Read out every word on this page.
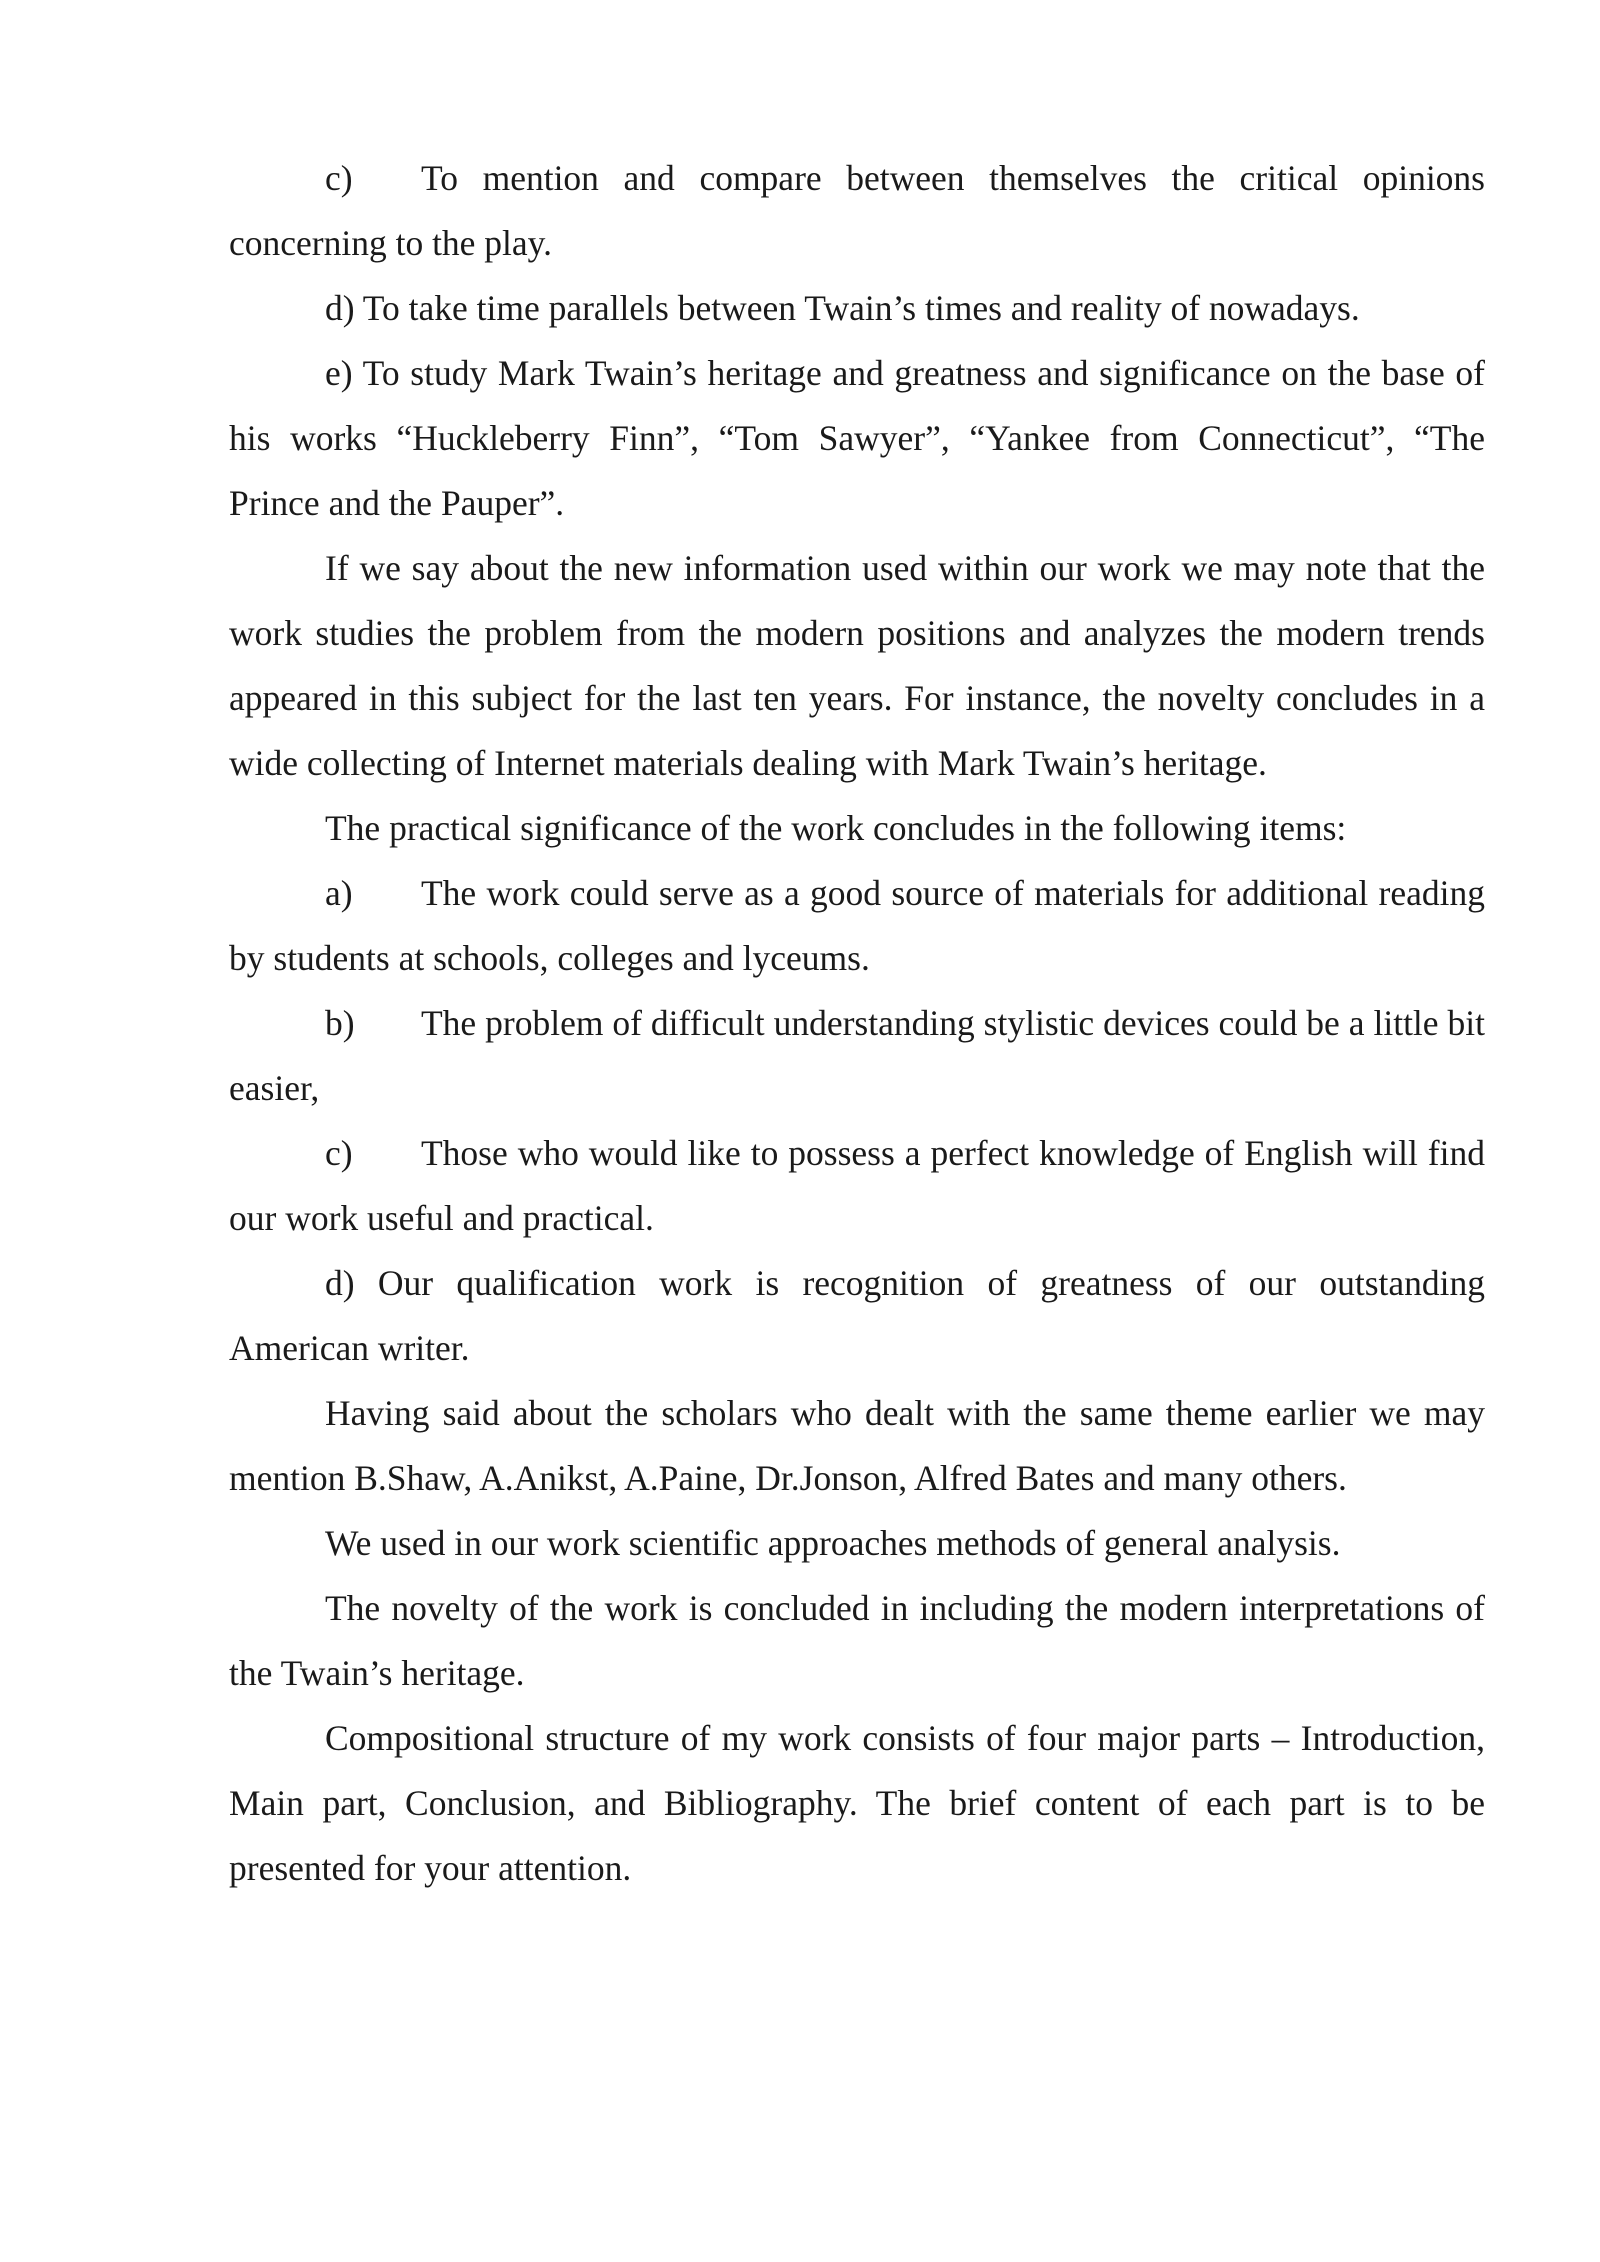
c) To mention and compare between themselves the critical opinions concerning to the play.

d) To take time parallels between Twain’s times and reality of nowadays.

e) To study Mark Twain’s heritage and greatness and significance on the base of his works “Huckleberry Finn”, “Tom Sawyer”, “Yankee from Connecticut”, “The Prince and the Pauper”.

If we say about the new information used within our work we may note that the work studies the problem from the modern positions and analyzes the modern trends appeared in this subject for the last ten years. For instance, the novelty concludes in a wide collecting of Internet materials dealing with Mark Twain’s heritage.

The practical significance of the work concludes in the following items:

a) The work could serve as a good source of materials for additional reading by students at schools, colleges and lyceums.

b) The problem of difficult understanding stylistic devices could be a little bit easier,

c) Those who would like to possess a perfect knowledge of English will find our work useful and practical.

d) Our qualification work is recognition of greatness of our outstanding American writer.

Having said about the scholars who dealt with the same theme earlier we may mention B.Shaw, A.Anikst, A.Paine, Dr.Jonson, Alfred Bates and many others.

We used in our work scientific approaches methods of general analysis.

The novelty of the work is concluded in including the modern interpretations of the Twain’s heritage.

Compositional structure of my work consists of four major parts – Introduction, Main part, Conclusion, and Bibliography. The brief content of each part is to be presented for your attention.
